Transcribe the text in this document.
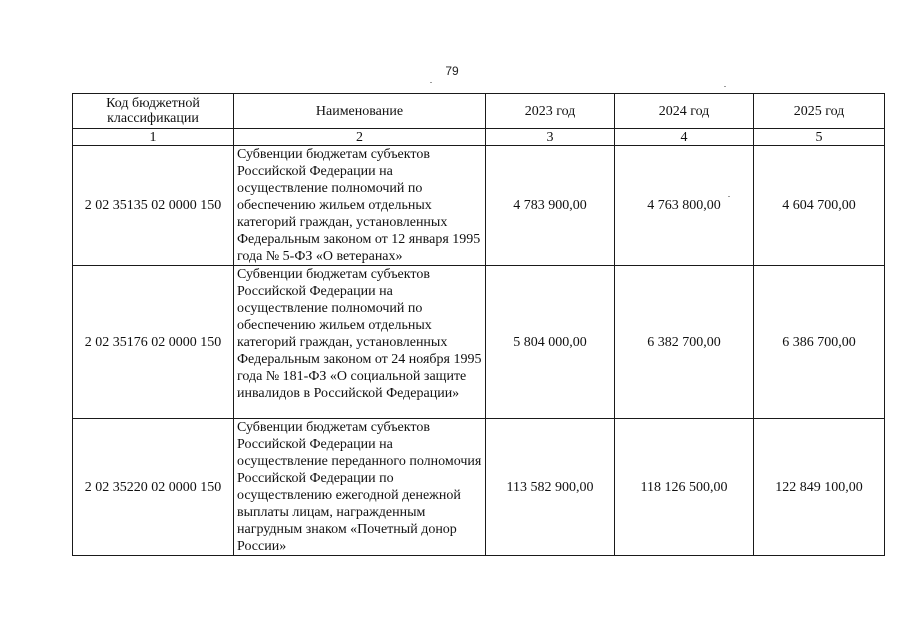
79
Код бюджетной классификации	Наименование	2023 год	2024 год	2025 год
1	2	3	4	5
2 02 35135 02 0000 150	Субвенции бюджетам субъектов Российской Федерации на осуществление полномочий по обеспечению жильем отдельных категорий граждан, установленных Федеральным законом от 12 января 1995 года № 5-ФЗ «О ветеранах»	4 783 900,00	4 763 800,00	4 604 700,00
2 02 35176 02 0000 150	Субвенции бюджетам субъектов Российской Федерации на осуществление полномочий по обеспечению жильем отдельных категорий граждан, установленных Федеральным законом от 24 ноября 1995 года № 181-ФЗ «О социальной защите инвалидов в Российской Федерации»	5 804 000,00	6 382 700,00	6 386 700,00
2 02 35220 02 0000 150	Субвенции бюджетам субъектов Российской Федерации на осуществление переданного полномочия Российской Федерации по осуществлению ежегодной денежной выплаты лицам, награжденным нагрудным знаком «Почетный донор России»	113 582 900,00	118 126 500,00	122 849 100,00
